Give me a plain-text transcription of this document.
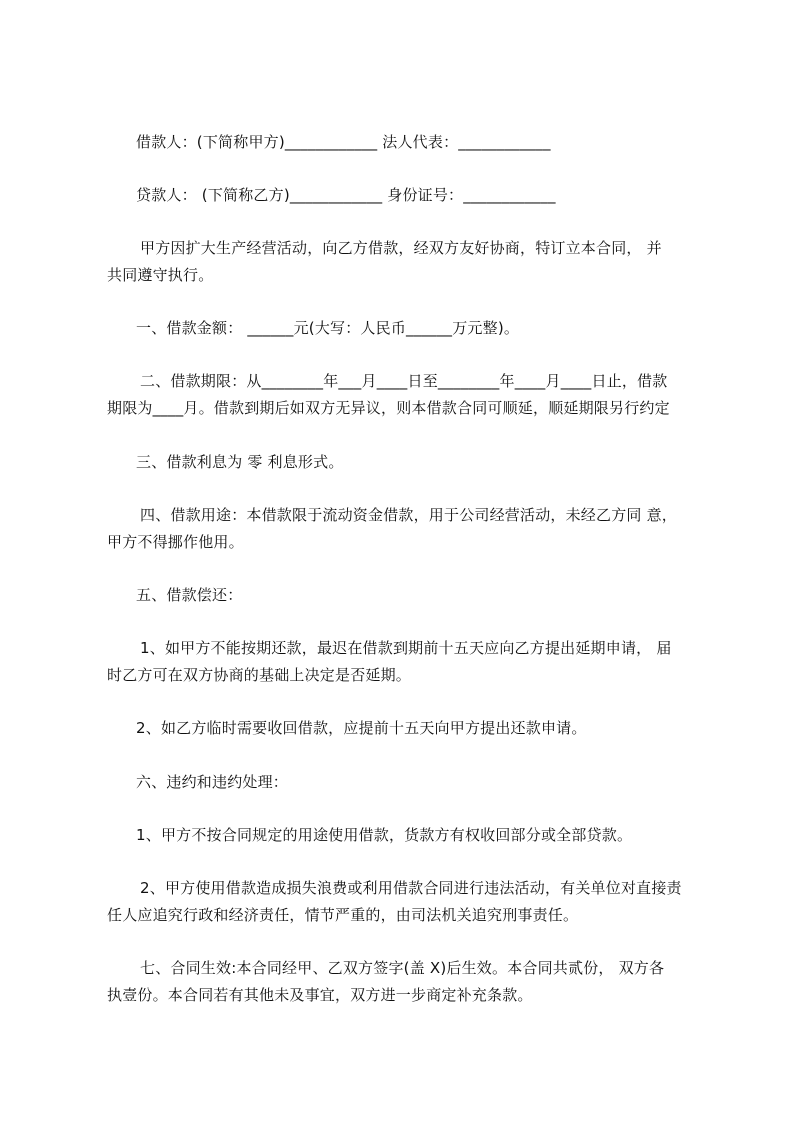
借款人：(下简称甲方)____________ 法人代表：____________
贷款人： (下简称乙方)____________ 身份证号：____________
甲方因扩大生产经营活动，向乙方借款，经双方友好协商，特订立本合同， 并
共同遵守执行。
一、借款金额： ______元(大写：人民币______万元整)。
二、借款期限：从________年___月____日至________年____月____日止，借款
期限为____月。借款到期后如双方无异议，则本借款合同可顺延，顺延期限另行约定
三、借款利息为 零 利息形式。
四、借款用途：本借款限于流动资金借款，用于公司经营活动，未经乙方同 意，
甲方不得挪作他用。
五、借款偿还：
1、如甲方不能按期还款，最迟在借款到期前十五天应向乙方提出延期申请， 届
时乙方可在双方协商的基础上决定是否延期。
2、如乙方临时需要收回借款，应提前十五天向甲方提出还款申请。
六、违约和违约处理：
1、甲方不按合同规定的用途使用借款，货款方有权收回部分或全部贷款。
2、甲方使用借款造成损失浪费或利用借款合同进行违法活动，有关单位对直接责
任人应追究行政和经济责任，情节严重的，由司法机关追究刑事责任。
七、合同生效:本合同经甲、乙双方签字(盖 X)后生效。本合同共贰份， 双方各
执壹份。本合同若有其他未及事宜，双方进一步商定补充条款。
